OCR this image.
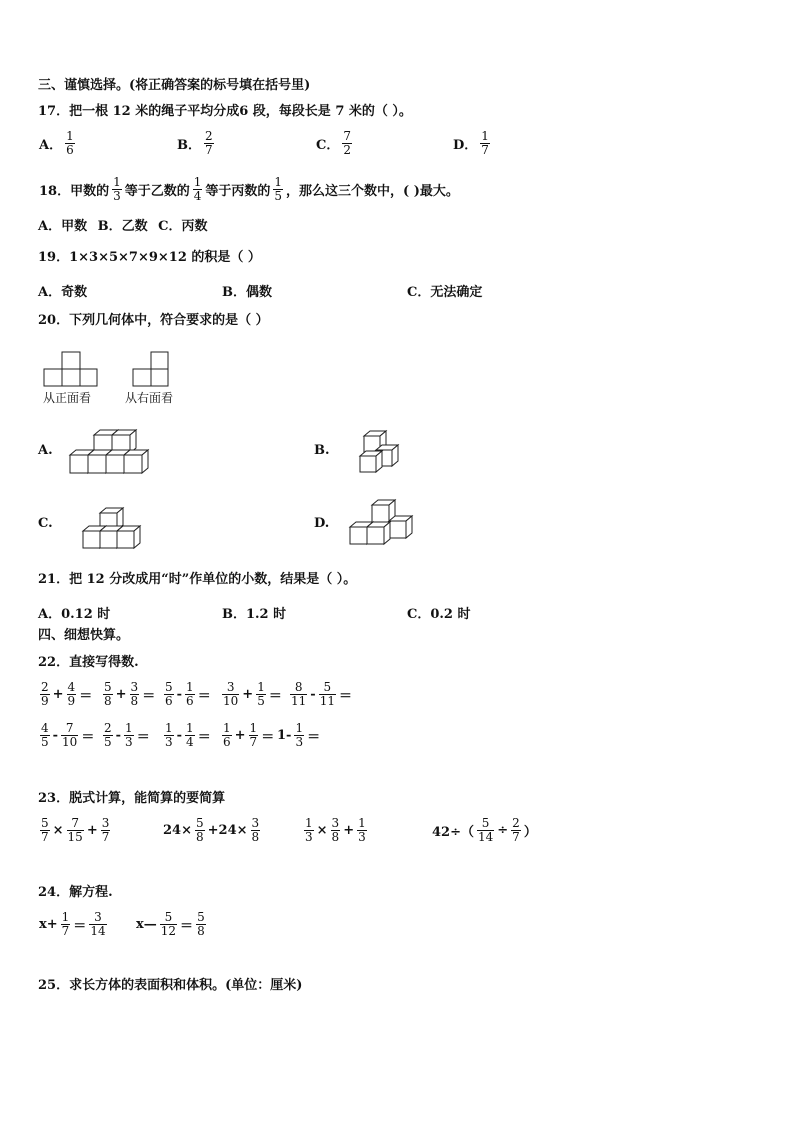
三、谨慎选择。(将正确答案的标号填在括号里)
17．把一根 12 米的绳子平均分成6 段，每段长是 7 米的（ ）。
A． $\frac{1}{6}$	B． $\frac{2}{7}$	C． $\frac{7}{2}$	D． $\frac{1}{7}$
18．甲数的 $\frac{1}{3}$ 等于乙数的 $\frac{1}{4}$ 等于丙数的 $\frac{1}{5}$ ，那么这三个数中，( )最大。
A．甲数 B．乙数 C．丙数
19．1×3×5×7×9×12 的积是（ ）
A．奇数	B．偶数	C．无法确定
20．下列几何体中，符合要求的是（ ）
从正面看	从右面看
A.	B.
C.	D.
21．把 12 分改成用“时”作单位的小数，结果是（ ）。
A．0.12 时	B．1.2 时	C．0.2 时
四、细想快算。
22．直接写得数.
$\frac{2}{9} + \frac{4}{9} = \frac{5}{8} + \frac{3}{8} = \frac{5}{6} - \frac{1}{6} = \frac{3}{10} + \frac{1}{5} = \frac{8}{11} - \frac{5}{11}$ ＝
$\frac{4}{5} - \frac{7}{10} = \frac{2}{5} - \frac{1}{3} = \frac{1}{3} - \frac{1}{4} = \frac{1}{6} + \frac{1}{7} = 1- \frac{1}{3}$ ＝
23．脱式计算，能简算的要简算
$\frac{5}{7} \times \frac{7}{15} + \frac{3}{7}$	$24\times \frac{5}{8} +24\times \frac{3}{8}$	$\frac{1}{3} \times \frac{3}{8} + \frac{1}{3}$	$42\div( \frac{5}{14} \div \frac{2}{7}$ ）
24．解方程.
$x+ \frac{1}{7} = \frac{3}{14}$ x— $\frac{5}{12} = \frac{5}{8}$
25．求长方体的表面积和体积。(单位：厘米)
